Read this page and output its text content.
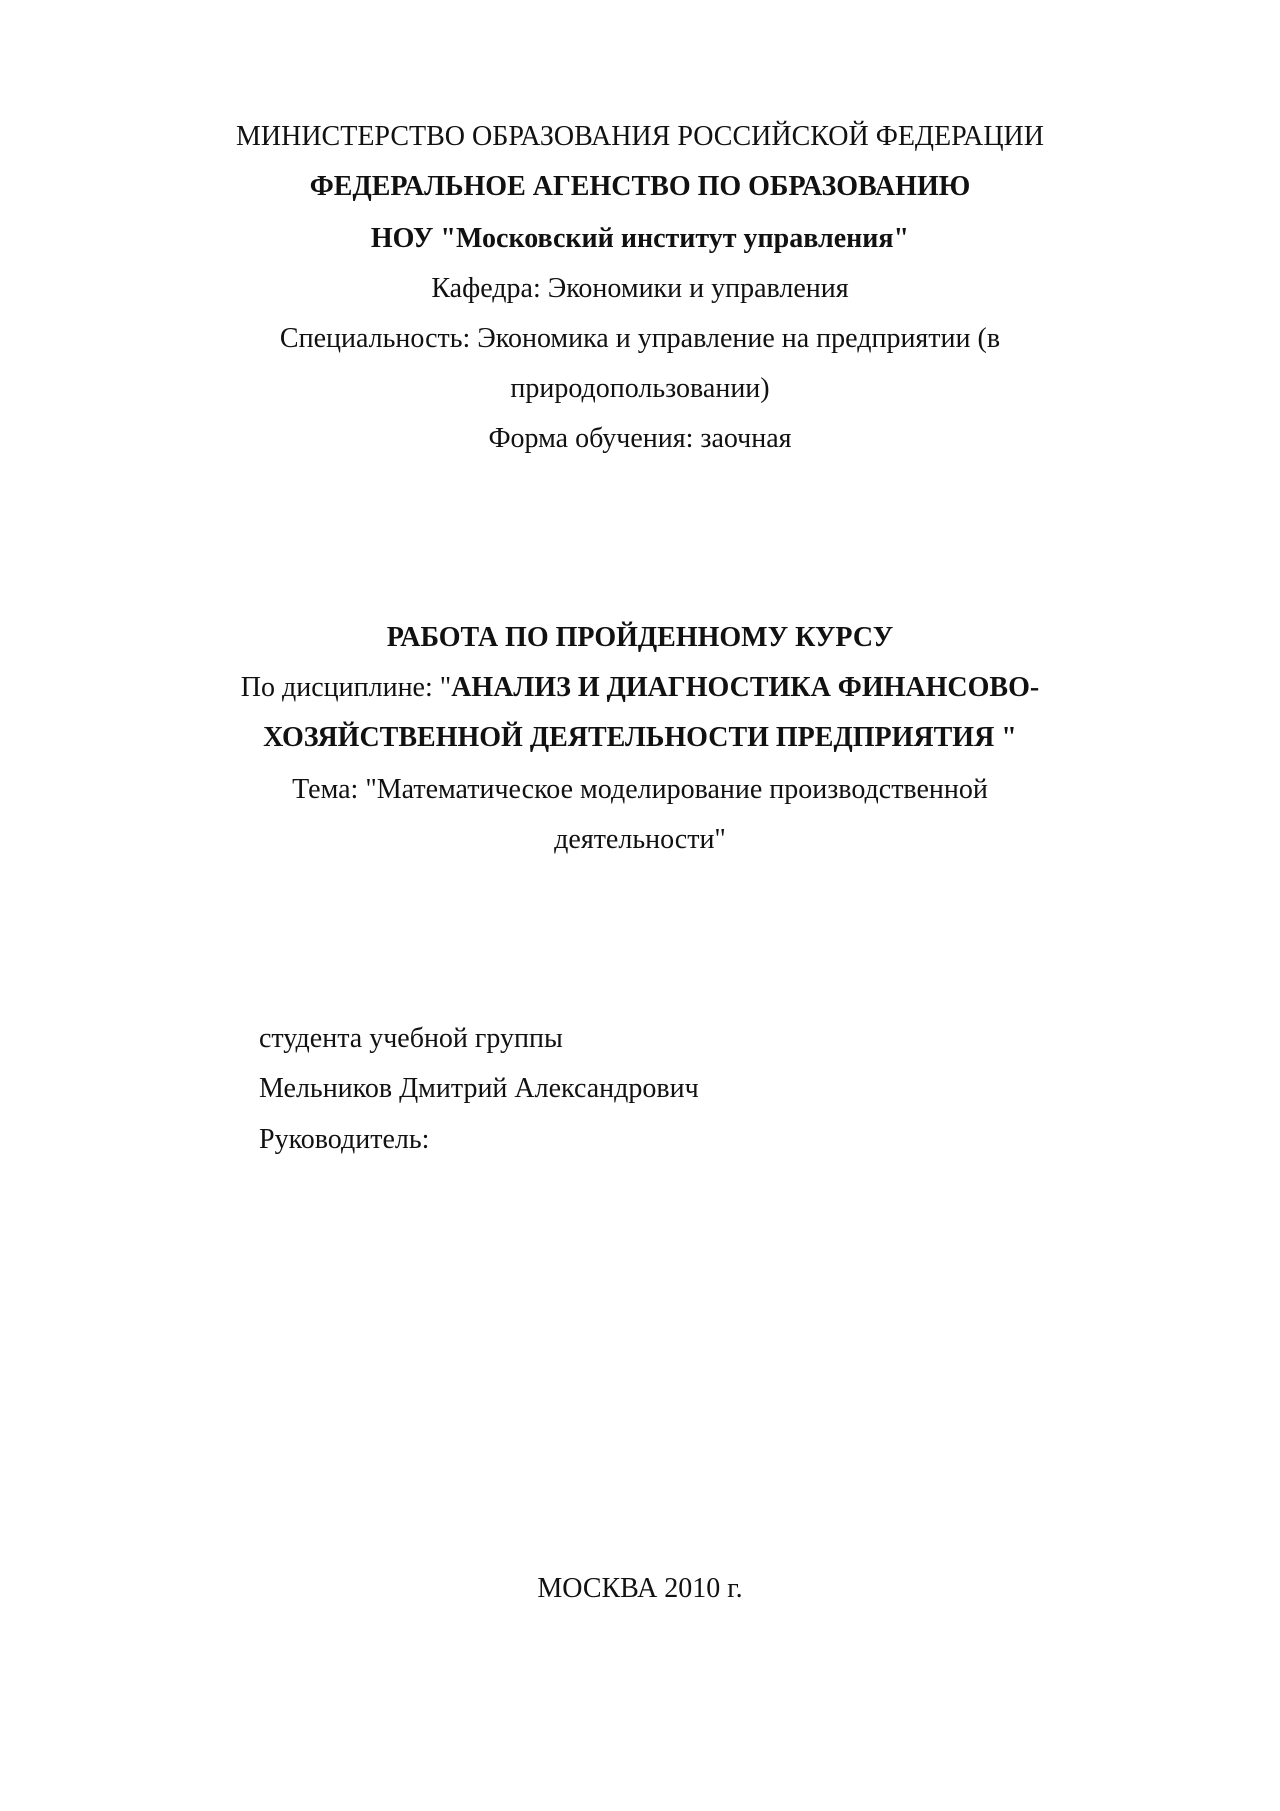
МИНИСТЕРСТВО ОБРАЗОВАНИЯ РОССИЙСКОЙ ФЕДЕРАЦИИ
ФЕДЕРАЛЬНОЕ АГЕНСТВО ПО ОБРАЗОВАНИЮ
НОУ "Московский институт управления"
Кафедра: Экономики и управления
Специальность: Экономика и управление на предприятии (в
природопользовании)
Форма обучения: заочная
РАБОТА ПО ПРОЙДЕННОМУ КУРСУ
По дисциплине: "АНАЛИЗ И ДИАГНОСТИКА ФИНАНСОВО-
ХОЗЯЙСТВЕННОЙ ДЕЯТЕЛЬНОСТИ ПРЕДПРИЯТИЯ "
Тема: "Математическое моделирование производственной
деятельности"
студента учебной группы
Мельников Дмитрий Александрович
Руководитель:
МОСКВА 2010 г.
